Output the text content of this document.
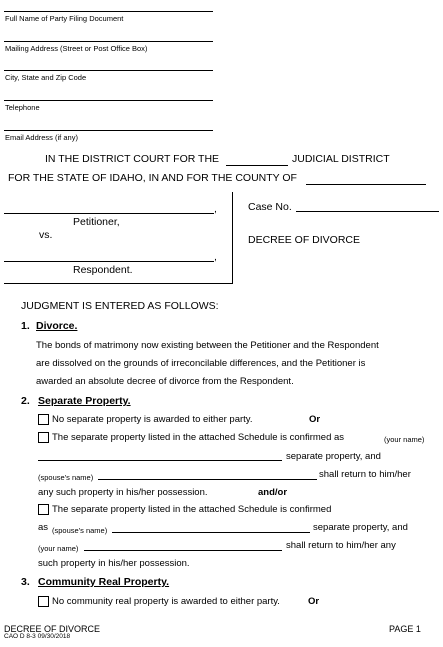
Full Name of Party Filing Document
Mailing Address (Street or Post Office Box)
City, State and Zip Code
Telephone
Email Address (if any)
IN THE DISTRICT COURT FOR THE	JUDICIAL DISTRICT
FOR THE STATE OF IDAHO, IN AND FOR THE COUNTY OF
,
Petitioner,
vs.
,
Respondent.
Case No.
DECREE OF DIVORCE
JUDGMENT IS ENTERED AS FOLLOWS:
1. Divorce.
The bonds of matrimony now existing between the Petitioner and the Respondent
are dissolved on the grounds of irreconcilable differences, and the Petitioner is
awarded an absolute decree of divorce from the Respondent.
2. Separate Property.
No separate property is awarded to either party.	Or
The separate property listed in the attached Schedule is confirmed as	(your name)
separate property, and
(spouse's name)	shall return to him/her
any such property in his/her possession.	and/or
The separate property listed in the attached Schedule is confirmed
as (spouse's name)	separate property, and
(your name)	shall return to him/her any
such property in his/her possession.
3. Community Real Property.
No community real property is awarded to either party.	Or
DECREE OF DIVORCE
CAO D 8-3 09/30/2018
PAGE 1
